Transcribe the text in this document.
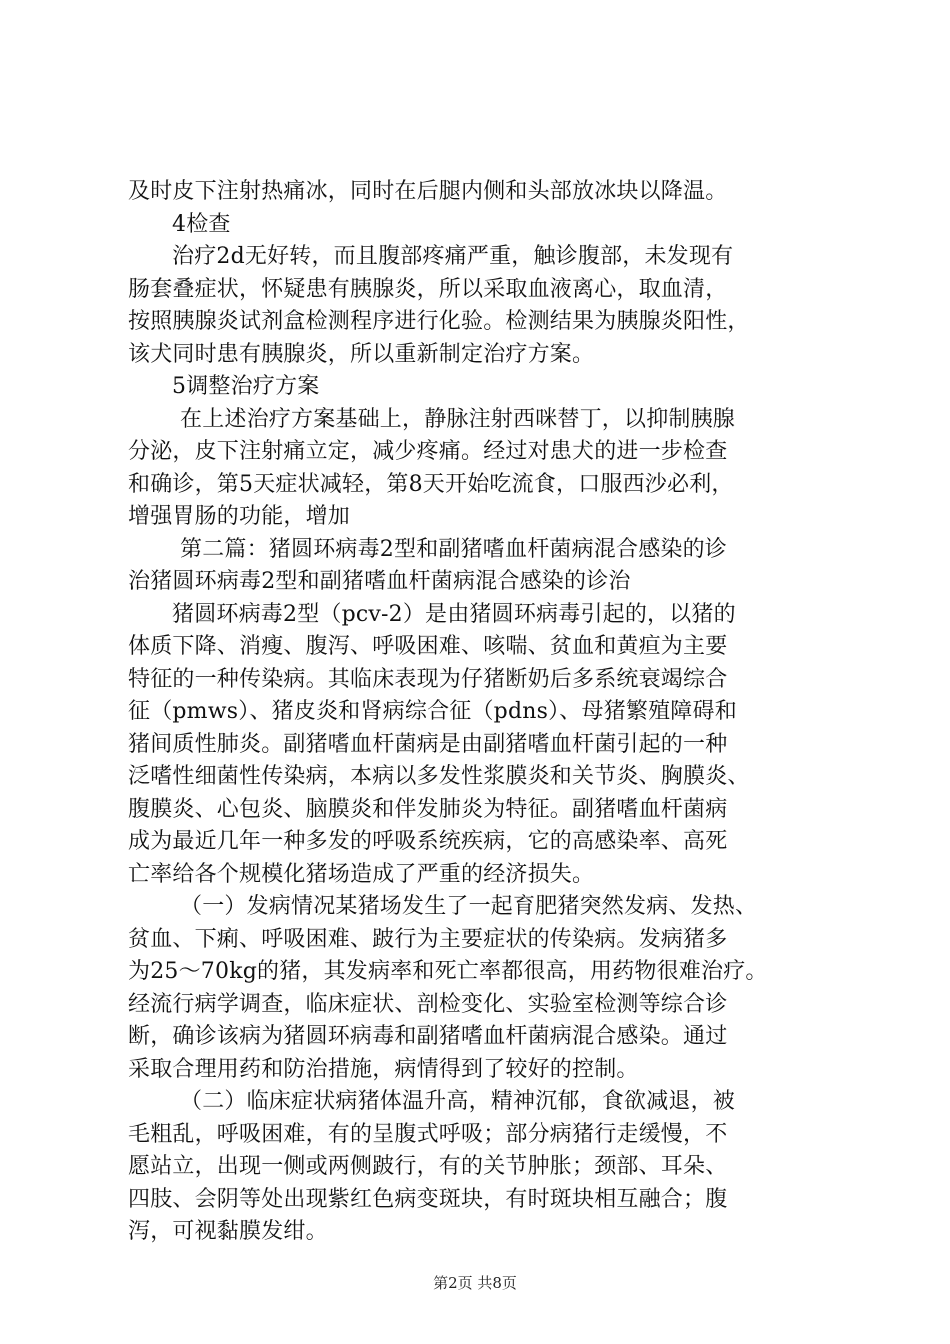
及时皮下注射热痛冰，同时在后腿内侧和头部放冰块以降温。
4检查
治疗2d无好转，而且腹部疼痛严重，触诊腹部，未发现有
肠套叠症状，怀疑患有胰腺炎，所以采取血液离心，取血清，
按照胰腺炎试剂盒检测程序进行化验。检测结果为胰腺炎阳性，
该犬同时患有胰腺炎，所以重新制定治疗方案。
5调整治疗方案
在上述治疗方案基础上，静脉注射西咪替丁，以抑制胰腺
分泌，皮下注射痛立定，减少疼痛。经过对患犬的进一步检查
和确诊，第5天症状减轻，第8天开始吃流食，口服西沙必利，
增强胃肠的功能，增加
第二篇：猪圆环病毒2型和副猪嗜血杆菌病混合感染的诊
治猪圆环病毒2型和副猪嗜血杆菌病混合感染的诊治
猪圆环病毒2型（pcv-2）是由猪圆环病毒引起的，以猪的
体质下降、消瘦、腹泻、呼吸困难、咳喘、贫血和黄疸为主要
特征的一种传染病。其临床表现为仔猪断奶后多系统衰竭综合
征（pmws）、猪皮炎和肾病综合征（pdns）、母猪繁殖障碍和
猪间质性肺炎。副猪嗜血杆菌病是由副猪嗜血杆菌引起的一种
泛嗜性细菌性传染病，本病以多发性浆膜炎和关节炎、胸膜炎、
腹膜炎、心包炎、脑膜炎和伴发肺炎为特征。副猪嗜血杆菌病
成为最近几年一种多发的呼吸系统疾病，它的高感染率、高死
亡率给各个规模化猪场造成了严重的经济损失。
（一）发病情况某猪场发生了一起育肥猪突然发病、发热、
贫血、下痢、呼吸困难、跛行为主要症状的传染病。发病猪多
为25～70kg的猪，其发病率和死亡率都很高，用药物很难治疗。
经流行病学调查，临床症状、剖检变化、实验室检测等综合诊
断，确诊该病为猪圆环病毒和副猪嗜血杆菌病混合感染。通过
采取合理用药和防治措施，病情得到了较好的控制。
（二）临床症状病猪体温升高，精神沉郁，食欲减退，被
毛粗乱，呼吸困难，有的呈腹式呼吸；部分病猪行走缓慢，不
愿站立，出现一侧或两侧跛行，有的关节肿胀；颈部、耳朵、
四肢、会阴等处出现紫红色病变斑块，有时斑块相互融合；腹
泻，可视黏膜发绀。
第2页 共8页
